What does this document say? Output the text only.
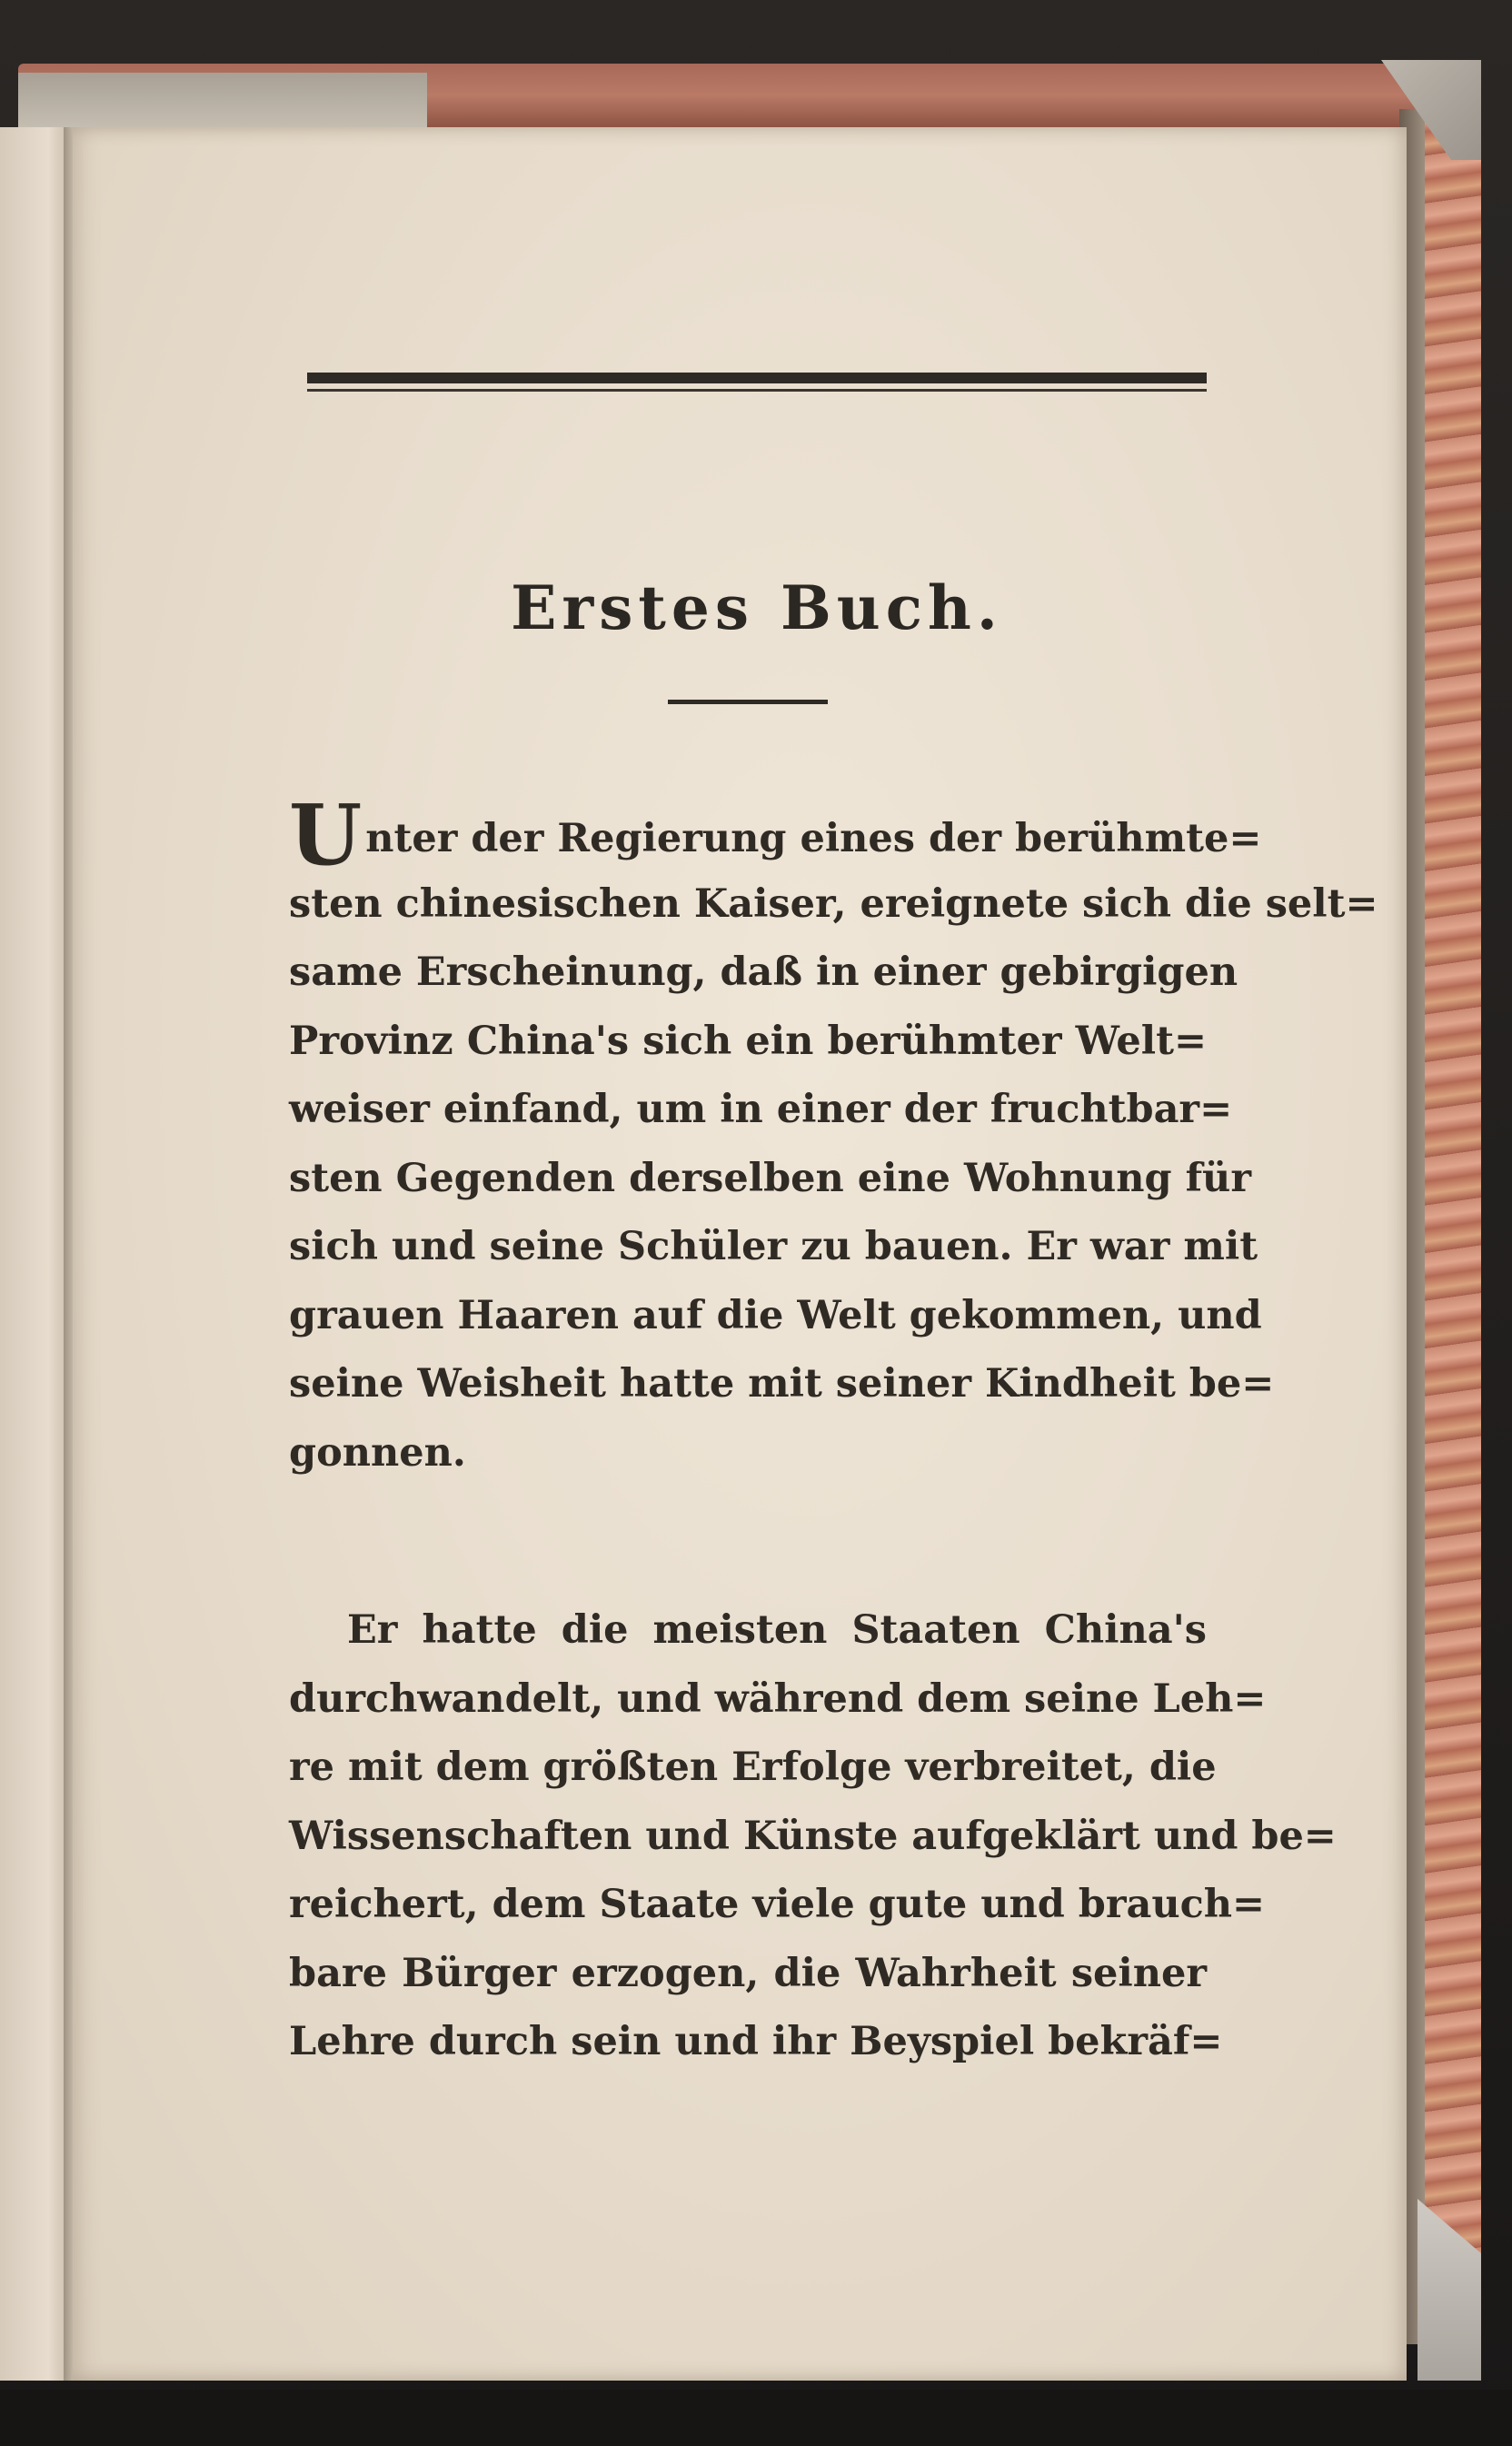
Erstes Buch.
Unter der Regierung eines der berühmte=
sten chinesischen Kaiser, ereignete sich die selt=
same Erscheinung, daß in einer gebirgigen
Provinz China's sich ein berühmter Welt=
weiser einfand, um in einer der fruchtbar=
sten Gegenden derselben eine Wohnung für
sich und seine Schüler zu bauen. Er war mit
grauen Haaren auf die Welt gekommen, und
seine Weisheit hatte mit seiner Kindheit be=
gonnen.
Er hatte die meisten Staaten China's
durchwandelt, und während dem seine Leh=
re mit dem größten Erfolge verbreitet, die
Wissenschaften und Künste aufgeklärt und be=
reichert, dem Staate viele gute und brauch=
bare Bürger erzogen, die Wahrheit seiner
Lehre durch sein und ihr Beyspiel bekräf=
